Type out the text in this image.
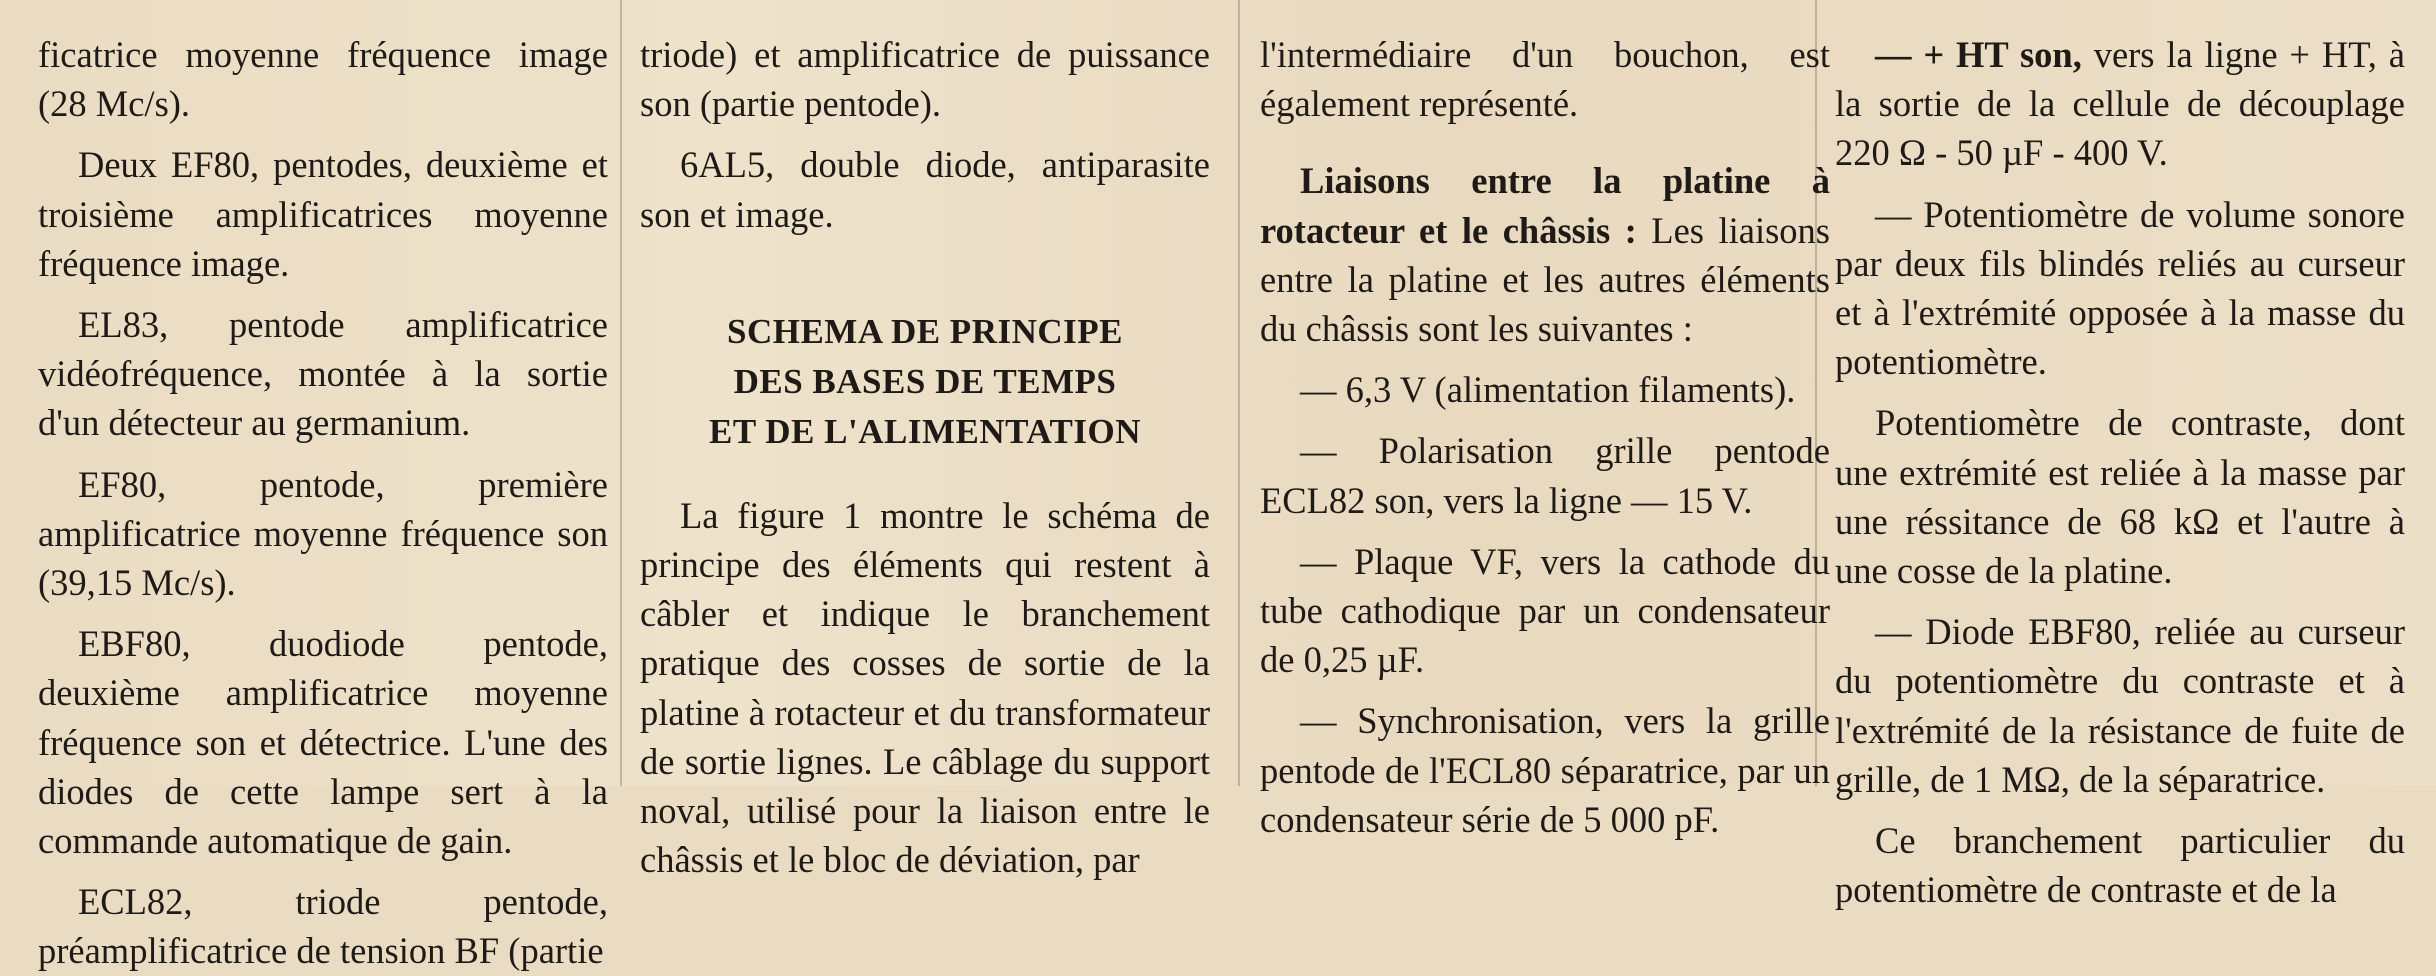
ficatrice moyenne fréquence image (28 Mc/s).

Deux EF80, pentodes, deuxième et troisième amplificatrices moyenne fréquence image.

EL83, pentode amplificatrice vidéofréquence, montée à la sortie d'un détecteur au germanium.

EF80, pentode, première amplificatrice moyenne fréquence son (39,15 Mc/s).

EBF80, duodiode pentode, deuxième amplificatrice moyenne fréquence son et détectrice. L'une des diodes de cette lampe sert à la commande automatique de gain.

ECL82, triode pentode, préamplificatrice de tension BF (partie

triode) et amplificatrice de puissance son (partie pentode).

6AL5, double diode, antiparasite son et image.

SCHEMA DE PRINCIPE
DES BASES DE TEMPS
ET DE L'ALIMENTATION

La figure 1 montre le schéma de principe des éléments qui restent à câbler et indique le branchement pratique des cosses de sortie de la platine à rotacteur et du transformateur de sortie lignes. Le câblage du support noval, utilisé pour la liaison entre le châssis et le bloc de déviation, par

l'intermédiaire d'un bouchon, est également représenté.

Liaisons entre la platine à rotacteur et le châssis : Les liaisons entre la platine et les autres éléments du châssis sont les suivantes :

— 6,3 V (alimentation filaments).

— Polarisation grille pentode ECL82 son, vers la ligne — 15 V.

— Plaque VF, vers la cathode du tube cathodique par un condensateur de 0,25 µF.

— Synchronisation, vers la grille pentode de l'ECL80 séparatrice, par un condensateur série de 5 000 pF.

— + HT son, vers la ligne + HT, à la sortie de la cellule de découplage 220 Ω - 50 µF - 400 V.

— Potentiomètre de volume sonore par deux fils blindés reliés au curseur et à l'extrémité opposée à la masse du potentiomètre.

Potentiomètre de contraste, dont une extrémité est reliée à la masse par une réssitance de 68 kΩ et l'autre à une cosse de la platine.

— Diode EBF80, reliée au curseur du potentiomètre du contraste et à l'extrémité de la résistance de fuite de grille, de 1 MΩ, de la séparatrice.

Ce branchement particulier du potentiomètre de contraste et de la
